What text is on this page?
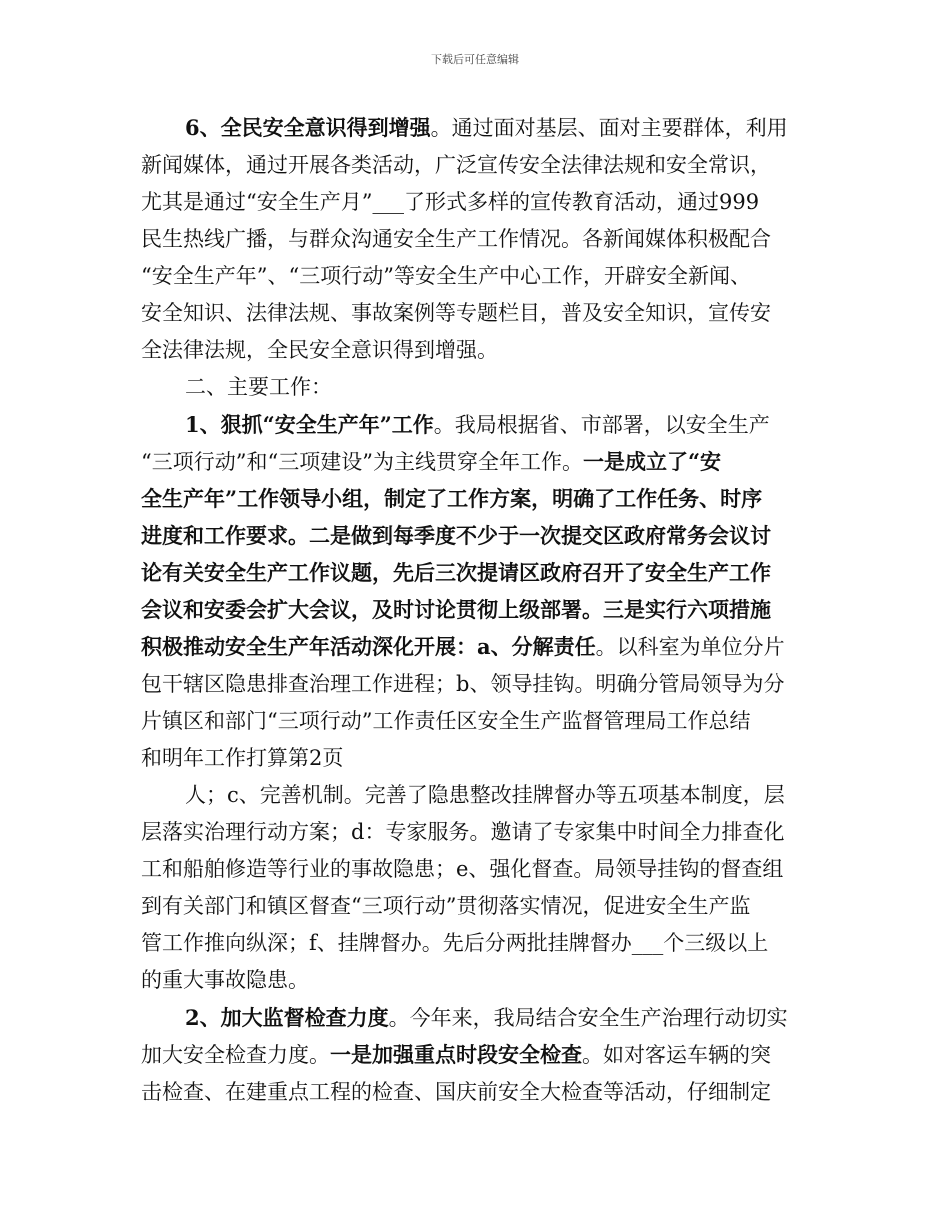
下载后可任意编辑
6、全民安全意识得到增强。通过面对基层、面对主要群体，利用
新闻媒体，通过开展各类活动，广泛宣传安全法律法规和安全常识，
尤其是通过“安全生产月”___了形式多样的宣传教育活动，通过999
民生热线广播，与群众沟通安全生产工作情况。各新闻媒体积极配合
“安全生产年”、“三项行动”等安全生产中心工作，开辟安全新闻、
安全知识、法律法规、事故案例等专题栏目，普及安全知识，宣传安
全法律法规，全民安全意识得到增强。
二、主要工作：
1、狠抓“安全生产年”工作。我局根据省、市部署，以安全生产
“三项行动”和“三项建设”为主线贯穿全年工作。一是成立了“安
全生产年”工作领导小组，制定了工作方案，明确了工作任务、时序
进度和工作要求。二是做到每季度不少于一次提交区政府常务会议讨
论有关安全生产工作议题，先后三次提请区政府召开了安全生产工作
会议和安委会扩大会议，及时讨论贯彻上级部署。三是实行六项措施
积极推动安全生产年活动深化开展：a、分解责任。以科室为单位分片
包干辖区隐患排查治理工作进程；b、领导挂钩。明确分管局领导为分
片镇区和部门“三项行动”工作责任区安全生产监督管理局工作总结
和明年工作打算第2页
人；c、完善机制。完善了隐患整改挂牌督办等五项基本制度，层
层落实治理行动方案；d：专家服务。邀请了专家集中时间全力排查化
工和船舶修造等行业的事故隐患；e、强化督查。局领导挂钩的督查组
到有关部门和镇区督查“三项行动”贯彻落实情况，促进安全生产监
管工作推向纵深；f、挂牌督办。先后分两批挂牌督办___个三级以上
的重大事故隐患。
2、加大监督检查力度。今年来，我局结合安全生产治理行动切实
加大安全检查力度。一是加强重点时段安全检查。如对客运车辆的突
击检查、在建重点工程的检查、国庆前安全大检查等活动，仔细制定
